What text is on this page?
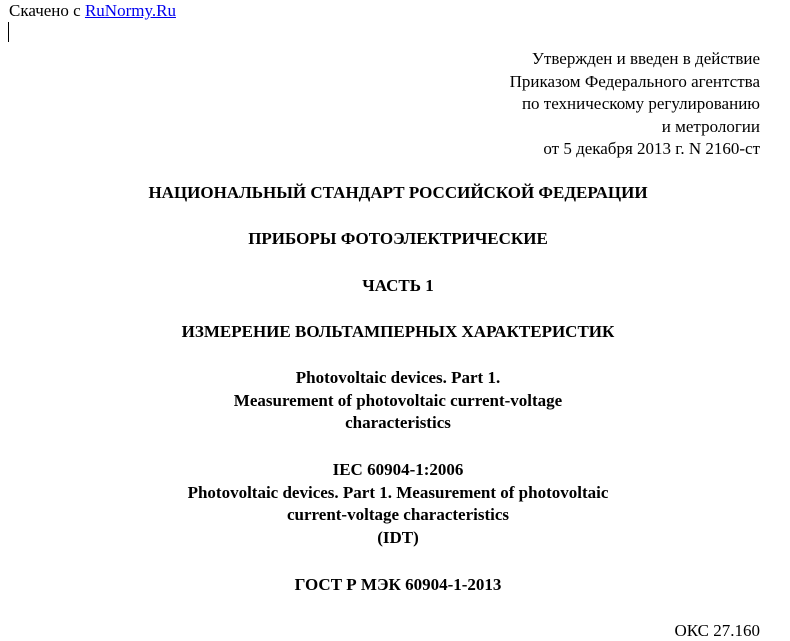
Скачено с RuNormy.Ru
Утвержден и введен в действие
Приказом Федерального агентства
по техническому регулированию
и метрологии
от 5 декабря 2013 г. N 2160-ст
НАЦИОНАЛЬНЫЙ СТАНДАРТ РОССИЙСКОЙ ФЕДЕРАЦИИ
ПРИБОРЫ ФОТОЭЛЕКТРИЧЕСКИЕ
ЧАСТЬ 1
ИЗМЕРЕНИЕ ВОЛЬТАМПЕРНЫХ ХАРАКТЕРИСТИК
Photovoltaic devices. Part 1.
Measurement of photovoltaic current-voltage
characteristics
IEC 60904-1:2006
Photovoltaic devices. Part 1. Measurement of photovoltaic
current-voltage characteristics
(IDT)
ГОСТ Р МЭК 60904-1-2013
ОКС 27.160
